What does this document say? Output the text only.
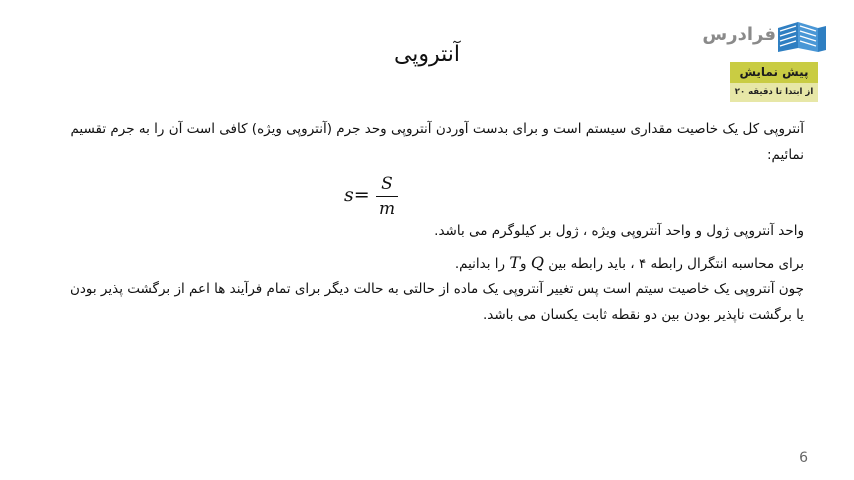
فرادرس
پیش نمایش
از ابتدا تا دقیقه ۲۰
آنتروپی
آنتروپی کل یک خاصیت مقداری سیستم است و برای بدست آوردن آنتروپی وحد جرم (آنتروپی ویژه) کافی است آن را به جرم تقسیم نمائیم:
s= S
m
واحد آنتروپی ژول و واحد آنتروپی ویژه ، ژول بر کیلوگرم می باشد.
برای محاسبه انتگرال رابطه ۴ ، باید رابطه بین Q وT را بدانیم.
چون آنتروپی یک خاصیت سیتم است پس تغییر آنتروپی یک ماده از حالتی به حالت دیگر برای تمام فرآیند ها اعم از برگشت پذیر بودن یا برگشت ناپذیر بودن بین دو نقطه ثابت یکسان می باشد.
6
